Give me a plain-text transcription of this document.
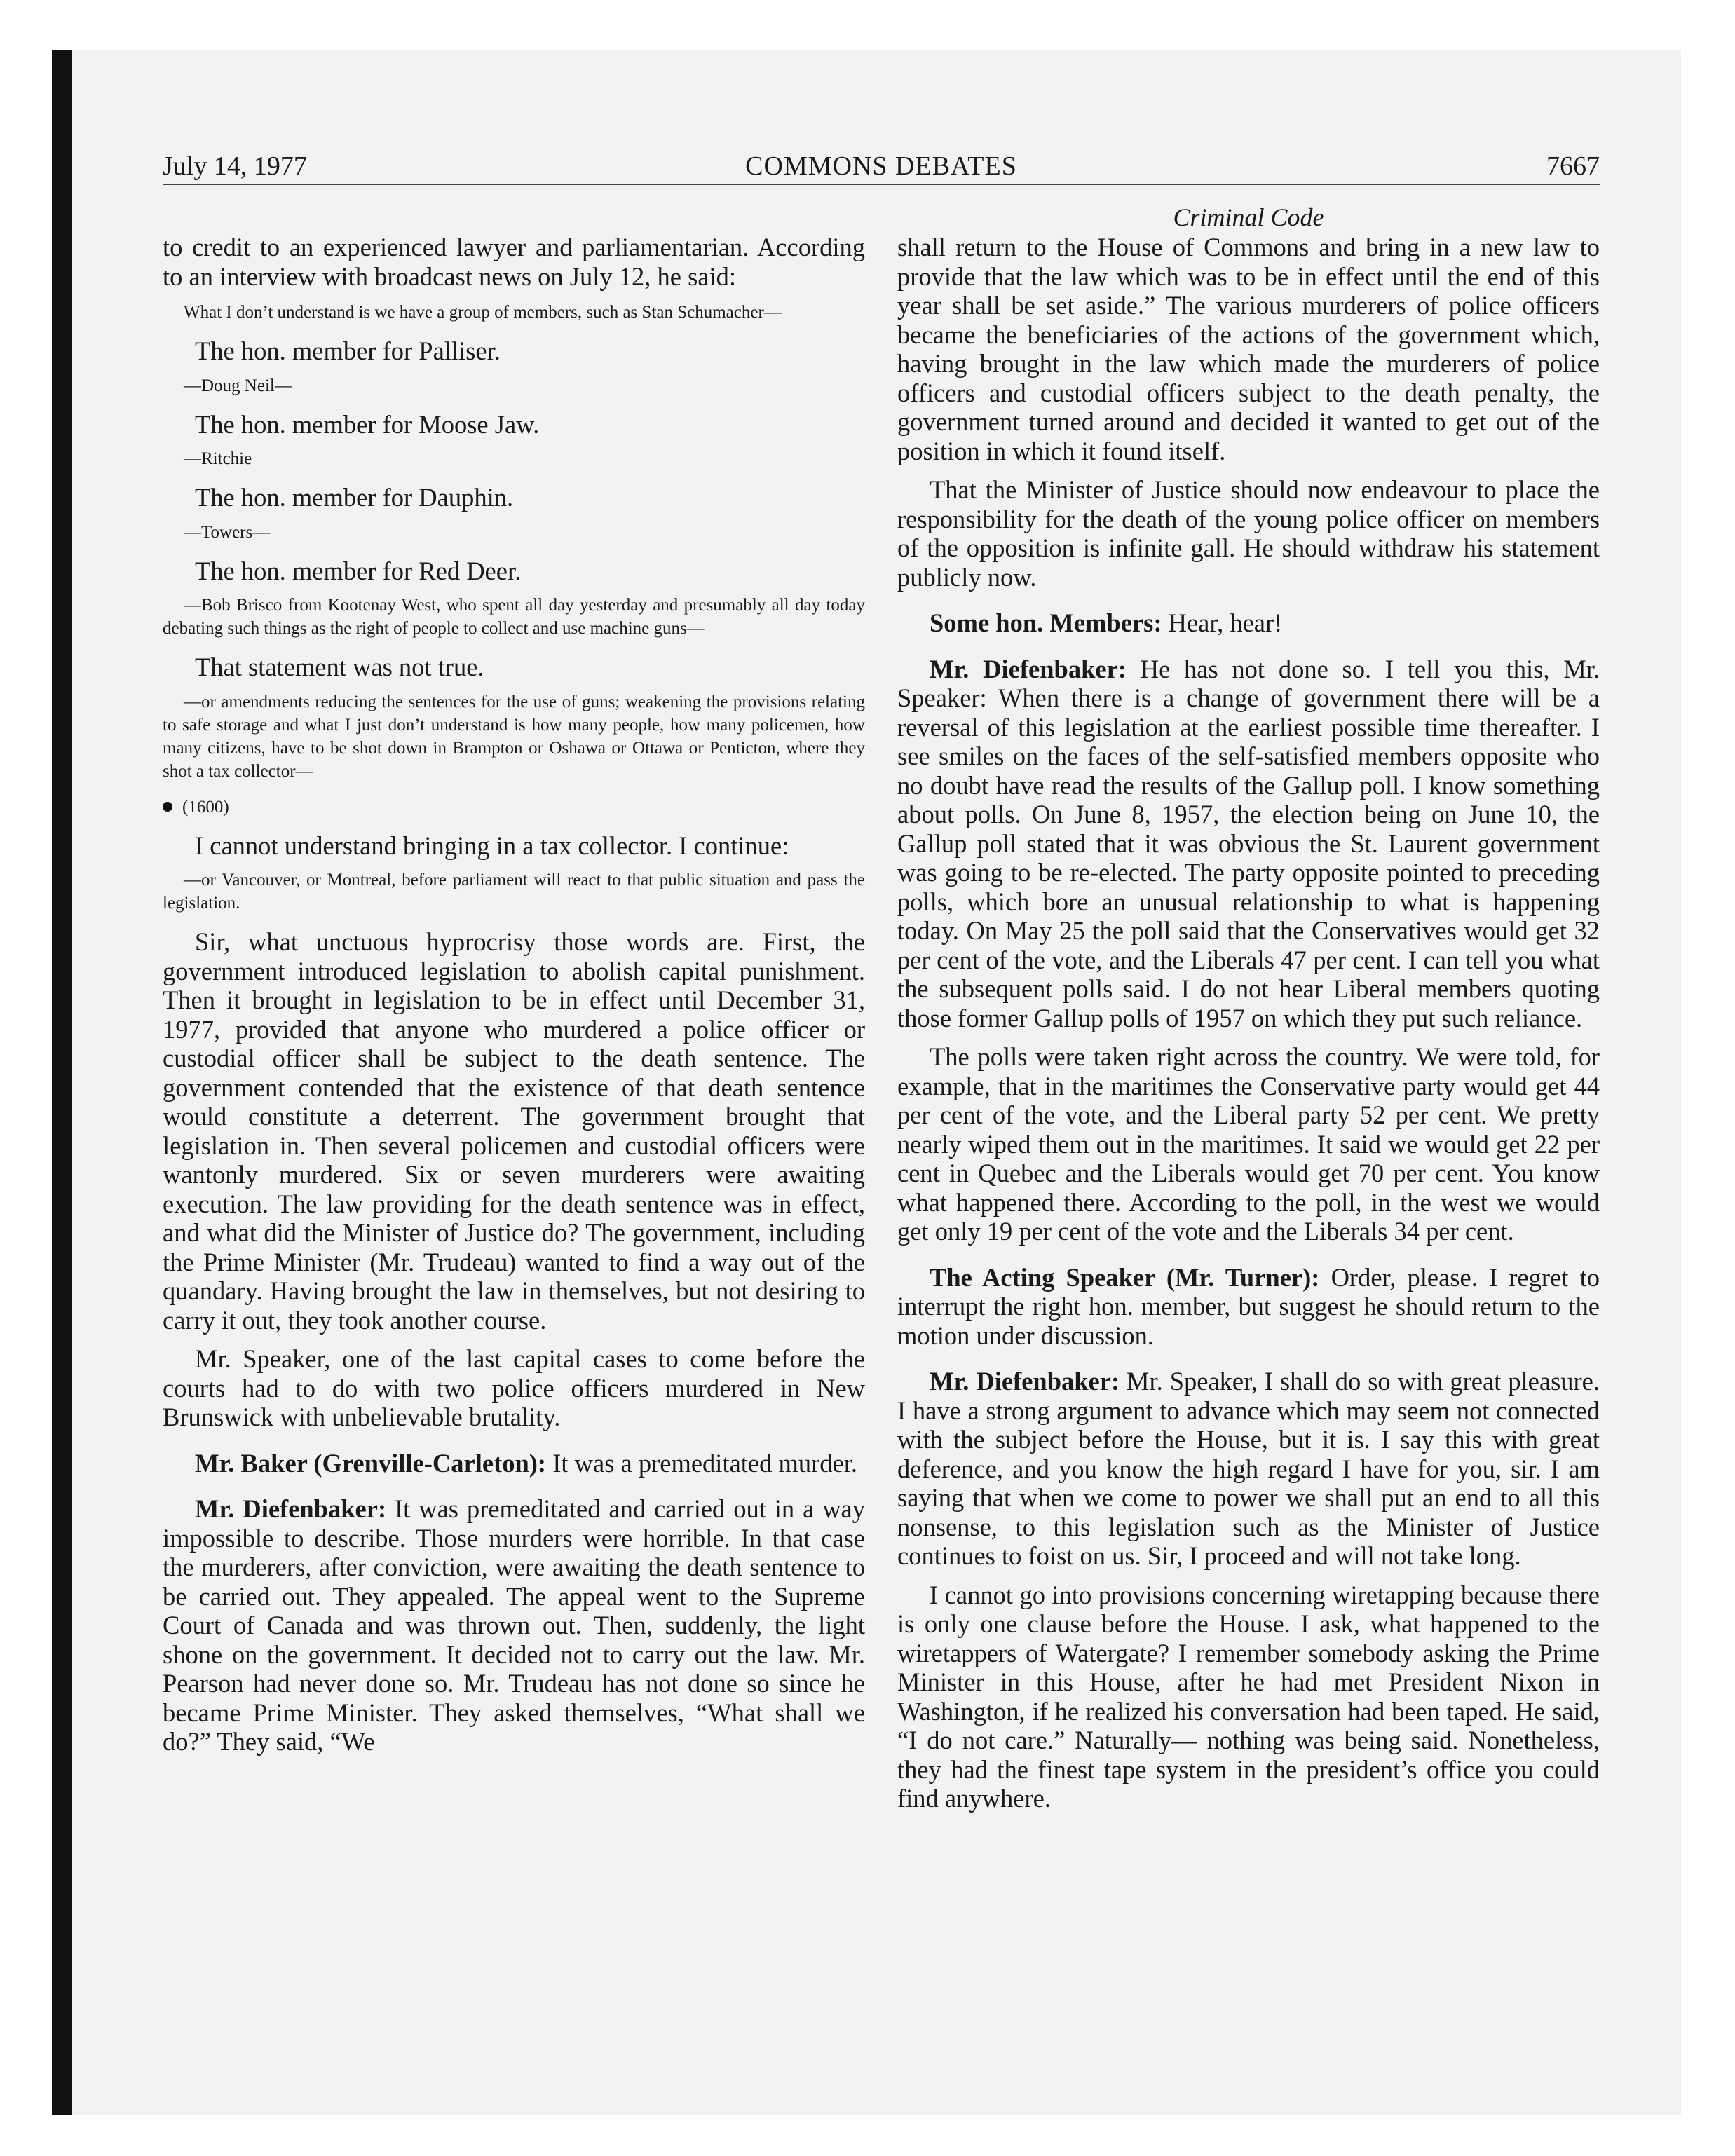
July 14, 1977	COMMONS DEBATES	7667
Criminal Code

to credit to an experienced lawyer and parliamentarian. According to an interview with broadcast news on July 12, he said:

What I don’t understand is we have a group of members, such as Stan Schumacher—

The hon. member for Palliser.

—Doug Neil—

The hon. member for Moose Jaw.

—Ritchie

The hon. member for Dauphin.

—Towers—

The hon. member for Red Deer.

—Bob Brisco from Kootenay West, who spent all day yesterday and presumably all day today debating such things as the right of people to collect and use machine guns—

That statement was not true.

—or amendments reducing the sentences for the use of guns; weakening the provisions relating to safe storage and what I just don’t understand is how many people, how many policemen, how many citizens, have to be shot down in Brampton or Oshawa or Ottawa or Penticton, where they shot a tax collector—

(1600)

I cannot understand bringing in a tax collector. I continue:

—or Vancouver, or Montreal, before parliament will react to that public situation and pass the legislation.

Sir, what unctuous hyprocrisy those words are. First, the government introduced legislation to abolish capital punishment. Then it brought in legislation to be in effect until December 31, 1977, provided that anyone who murdered a police officer or custodial officer shall be subject to the death sentence. The government contended that the existence of that death sentence would constitute a deterrent. The government brought that legislation in. Then several policemen and custodial officers were wantonly murdered. Six or seven murderers were awaiting execution. The law providing for the death sentence was in effect, and what did the Minister of Justice do? The government, including the Prime Minister (Mr. Trudeau) wanted to find a way out of the quandary. Having brought the law in themselves, but not desiring to carry it out, they took another course.

Mr. Speaker, one of the last capital cases to come before the courts had to do with two police officers murdered in New Brunswick with unbelievable brutality.

Mr. Baker (Grenville-Carleton): It was a premeditated murder.

Mr. Diefenbaker: It was premeditated and carried out in a way impossible to describe. Those murders were horrible. In that case the murderers, after conviction, were awaiting the death sentence to be carried out. They appealed. The appeal went to the Supreme Court of Canada and was thrown out. Then, suddenly, the light shone on the government. It decided not to carry out the law. Mr. Pearson had never done so. Mr. Trudeau has not done so since he became Prime Minister. They asked themselves, “What shall we do?” They said, “We

shall return to the House of Commons and bring in a new law to provide that the law which was to be in effect until the end of this year shall be set aside.” The various murderers of police officers became the beneficiaries of the actions of the government which, having brought in the law which made the murderers of police officers and custodial officers subject to the death penalty, the government turned around and decided it wanted to get out of the position in which it found itself.

That the Minister of Justice should now endeavour to place the responsibility for the death of the young police officer on members of the opposition is infinite gall. He should withdraw his statement publicly now.

Some hon. Members: Hear, hear!

Mr. Diefenbaker: He has not done so. I tell you this, Mr. Speaker: When there is a change of government there will be a reversal of this legislation at the earliest possible time thereafter. I see smiles on the faces of the self-satisfied members opposite who no doubt have read the results of the Gallup poll. I know something about polls. On June 8, 1957, the election being on June 10, the Gallup poll stated that it was obvious the St. Laurent government was going to be re-elected. The party opposite pointed to preceding polls, which bore an unusual relationship to what is happening today. On May 25 the poll said that the Conservatives would get 32 per cent of the vote, and the Liberals 47 per cent. I can tell you what the subsequent polls said. I do not hear Liberal members quoting those former Gallup polls of 1957 on which they put such reliance.

The polls were taken right across the country. We were told, for example, that in the maritimes the Conservative party would get 44 per cent of the vote, and the Liberal party 52 per cent. We pretty nearly wiped them out in the maritimes. It said we would get 22 per cent in Quebec and the Liberals would get 70 per cent. You know what happened there. According to the poll, in the west we would get only 19 per cent of the vote and the Liberals 34 per cent.

The Acting Speaker (Mr. Turner): Order, please. I regret to interrupt the right hon. member, but suggest he should return to the motion under discussion.

Mr. Diefenbaker: Mr. Speaker, I shall do so with great pleasure. I have a strong argument to advance which may seem not connected with the subject before the House, but it is. I say this with great deference, and you know the high regard I have for you, sir. I am saying that when we come to power we shall put an end to all this nonsense, to this legislation such as the Minister of Justice continues to foist on us. Sir, I proceed and will not take long.

I cannot go into provisions concerning wiretapping because there is only one clause before the House. I ask, what happened to the wiretappers of Watergate? I remember somebody asking the Prime Minister in this House, after he had met President Nixon in Washington, if he realized his conversation had been taped. He said, “I do not care.” Naturally— nothing was being said. Nonetheless, they had the finest tape system in the president’s office you could find anywhere.
